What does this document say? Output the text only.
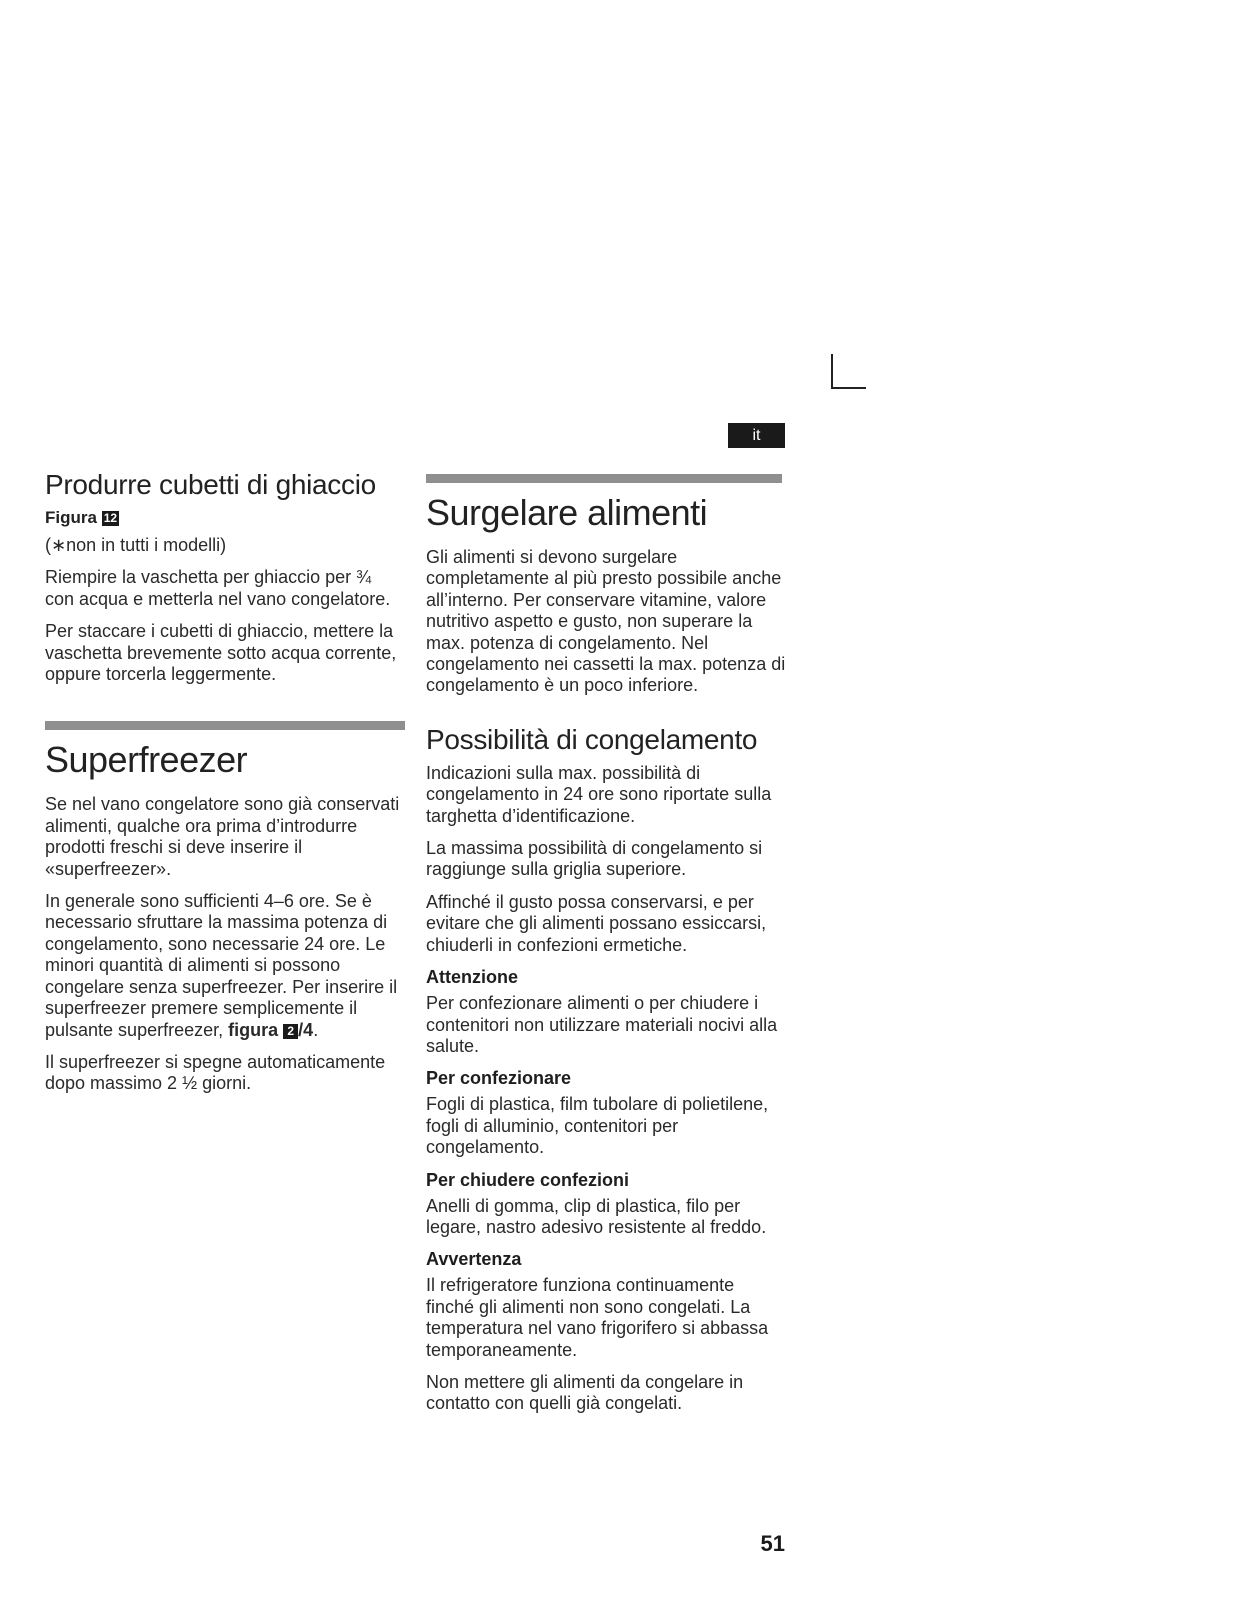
it
Produrre cubetti di ghiaccio
Figura 12

(∗non in tutti i modelli)

Riempire la vaschetta per ghiaccio per ¾ con acqua e metterla nel vano congelatore.

Per staccare i cubetti di ghiaccio, mettere la vaschetta brevemente sotto acqua corrente, oppure torcerla leggermente.

Superfreezer

Se nel vano congelatore sono già conservati alimenti, qualche ora prima d’introdurre prodotti freschi si deve inserire il «superfreezer».

In generale sono sufficienti 4–6 ore. Se è necessario sfruttare la massima potenza di congelamento, sono necessarie 24 ore. Le minori quantità di alimenti si possono congelare senza superfreezer. Per inserire il superfreezer premere semplicemente il pulsante superfreezer, figura 2 /4.

Il superfreezer si spegne automaticamente dopo massimo 2 ½ giorni.

Surgelare alimenti

Gli alimenti si devono surgelare completamente al più presto possibile anche all’interno. Per conservare vitamine, valore nutritivo aspetto e gusto, non superare la max. potenza di congelamento. Nel congelamento nei cassetti la max. potenza di congelamento è un poco inferiore.

Possibilità di congelamento

Indicazioni sulla max. possibilità di congelamento in 24 ore sono riportate sulla targhetta d’identificazione.

La massima possibilità di congelamento si raggiunge sulla griglia superiore.

Affinché il gusto possa conservarsi, e per evitare che gli alimenti possano essiccarsi, chiuderli in confezioni ermetiche.

Attenzione

Per confezionare alimenti o per chiudere i contenitori non utilizzare materiali nocivi alla salute.

Per confezionare

Fogli di plastica, film tubolare di polietilene, fogli di alluminio, contenitori per congelamento.

Per chiudere confezioni

Anelli di gomma, clip di plastica, filo per legare, nastro adesivo resistente al freddo.

Avvertenza

Il refrigeratore funziona continuamente finché gli alimenti non sono congelati. La temperatura nel vano frigorifero si abbassa temporaneamente.

Non mettere gli alimenti da congelare in contatto con quelli già congelati.

51
